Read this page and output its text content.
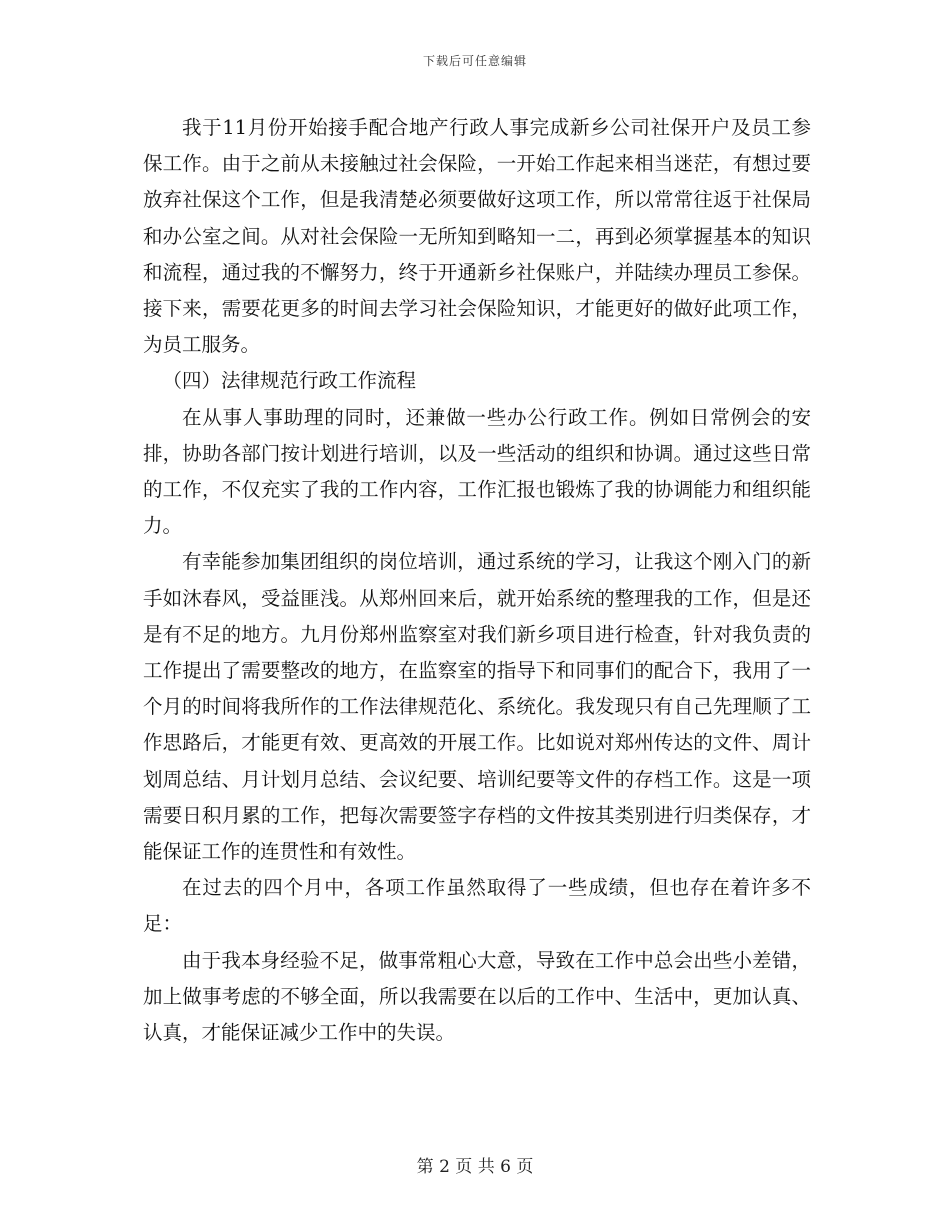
下载后可任意编辑

我于11月份开始接手配合地产行政人事完成新乡公司社保开户及员工参保工作。由于之前从未接触过社会保险，一开始工作起来相当迷茫，有想过要放弃社保这个工作，但是我清楚必须要做好这项工作，所以常常往返于社保局和办公室之间。从对社会保险一无所知到略知一二，再到必须掌握基本的知识和流程，通过我的不懈努力，终于开通新乡社保账户，并陆续办理员工参保。接下来，需要花更多的时间去学习社会保险知识，才能更好的做好此项工作，为员工服务。

（四）法律规范行政工作流程

在从事人事助理的同时，还兼做一些办公行政工作。例如日常例会的安排，协助各部门按计划进行培训，以及一些活动的组织和协调。通过这些日常的工作，不仅充实了我的工作内容，工作汇报也锻炼了我的协调能力和组织能力。

有幸能参加集团组织的岗位培训，通过系统的学习，让我这个刚入门的新手如沐春风，受益匪浅。从郑州回来后，就开始系统的整理我的工作，但是还是有不足的地方。九月份郑州监察室对我们新乡项目进行检查，针对我负责的工作提出了需要整改的地方，在监察室的指导下和同事们的配合下，我用了一个月的时间将我所作的工作法律规范化、系统化。我发现只有自己先理顺了工作思路后，才能更有效、更高效的开展工作。比如说对郑州传达的文件、周计划周总结、月计划月总结、会议纪要、培训纪要等文件的存档工作。这是一项需要日积月累的工作，把每次需要签字存档的文件按其类别进行归类保存，才能保证工作的连贯性和有效性。

在过去的四个月中，各项工作虽然取得了一些成绩，但也存在着许多不足：

由于我本身经验不足，做事常粗心大意，导致在工作中总会出些小差错，加上做事考虑的不够全面，所以我需要在以后的工作中、生活中，更加认真、认真，才能保证减少工作中的失误。

第 2 页 共 6 页
